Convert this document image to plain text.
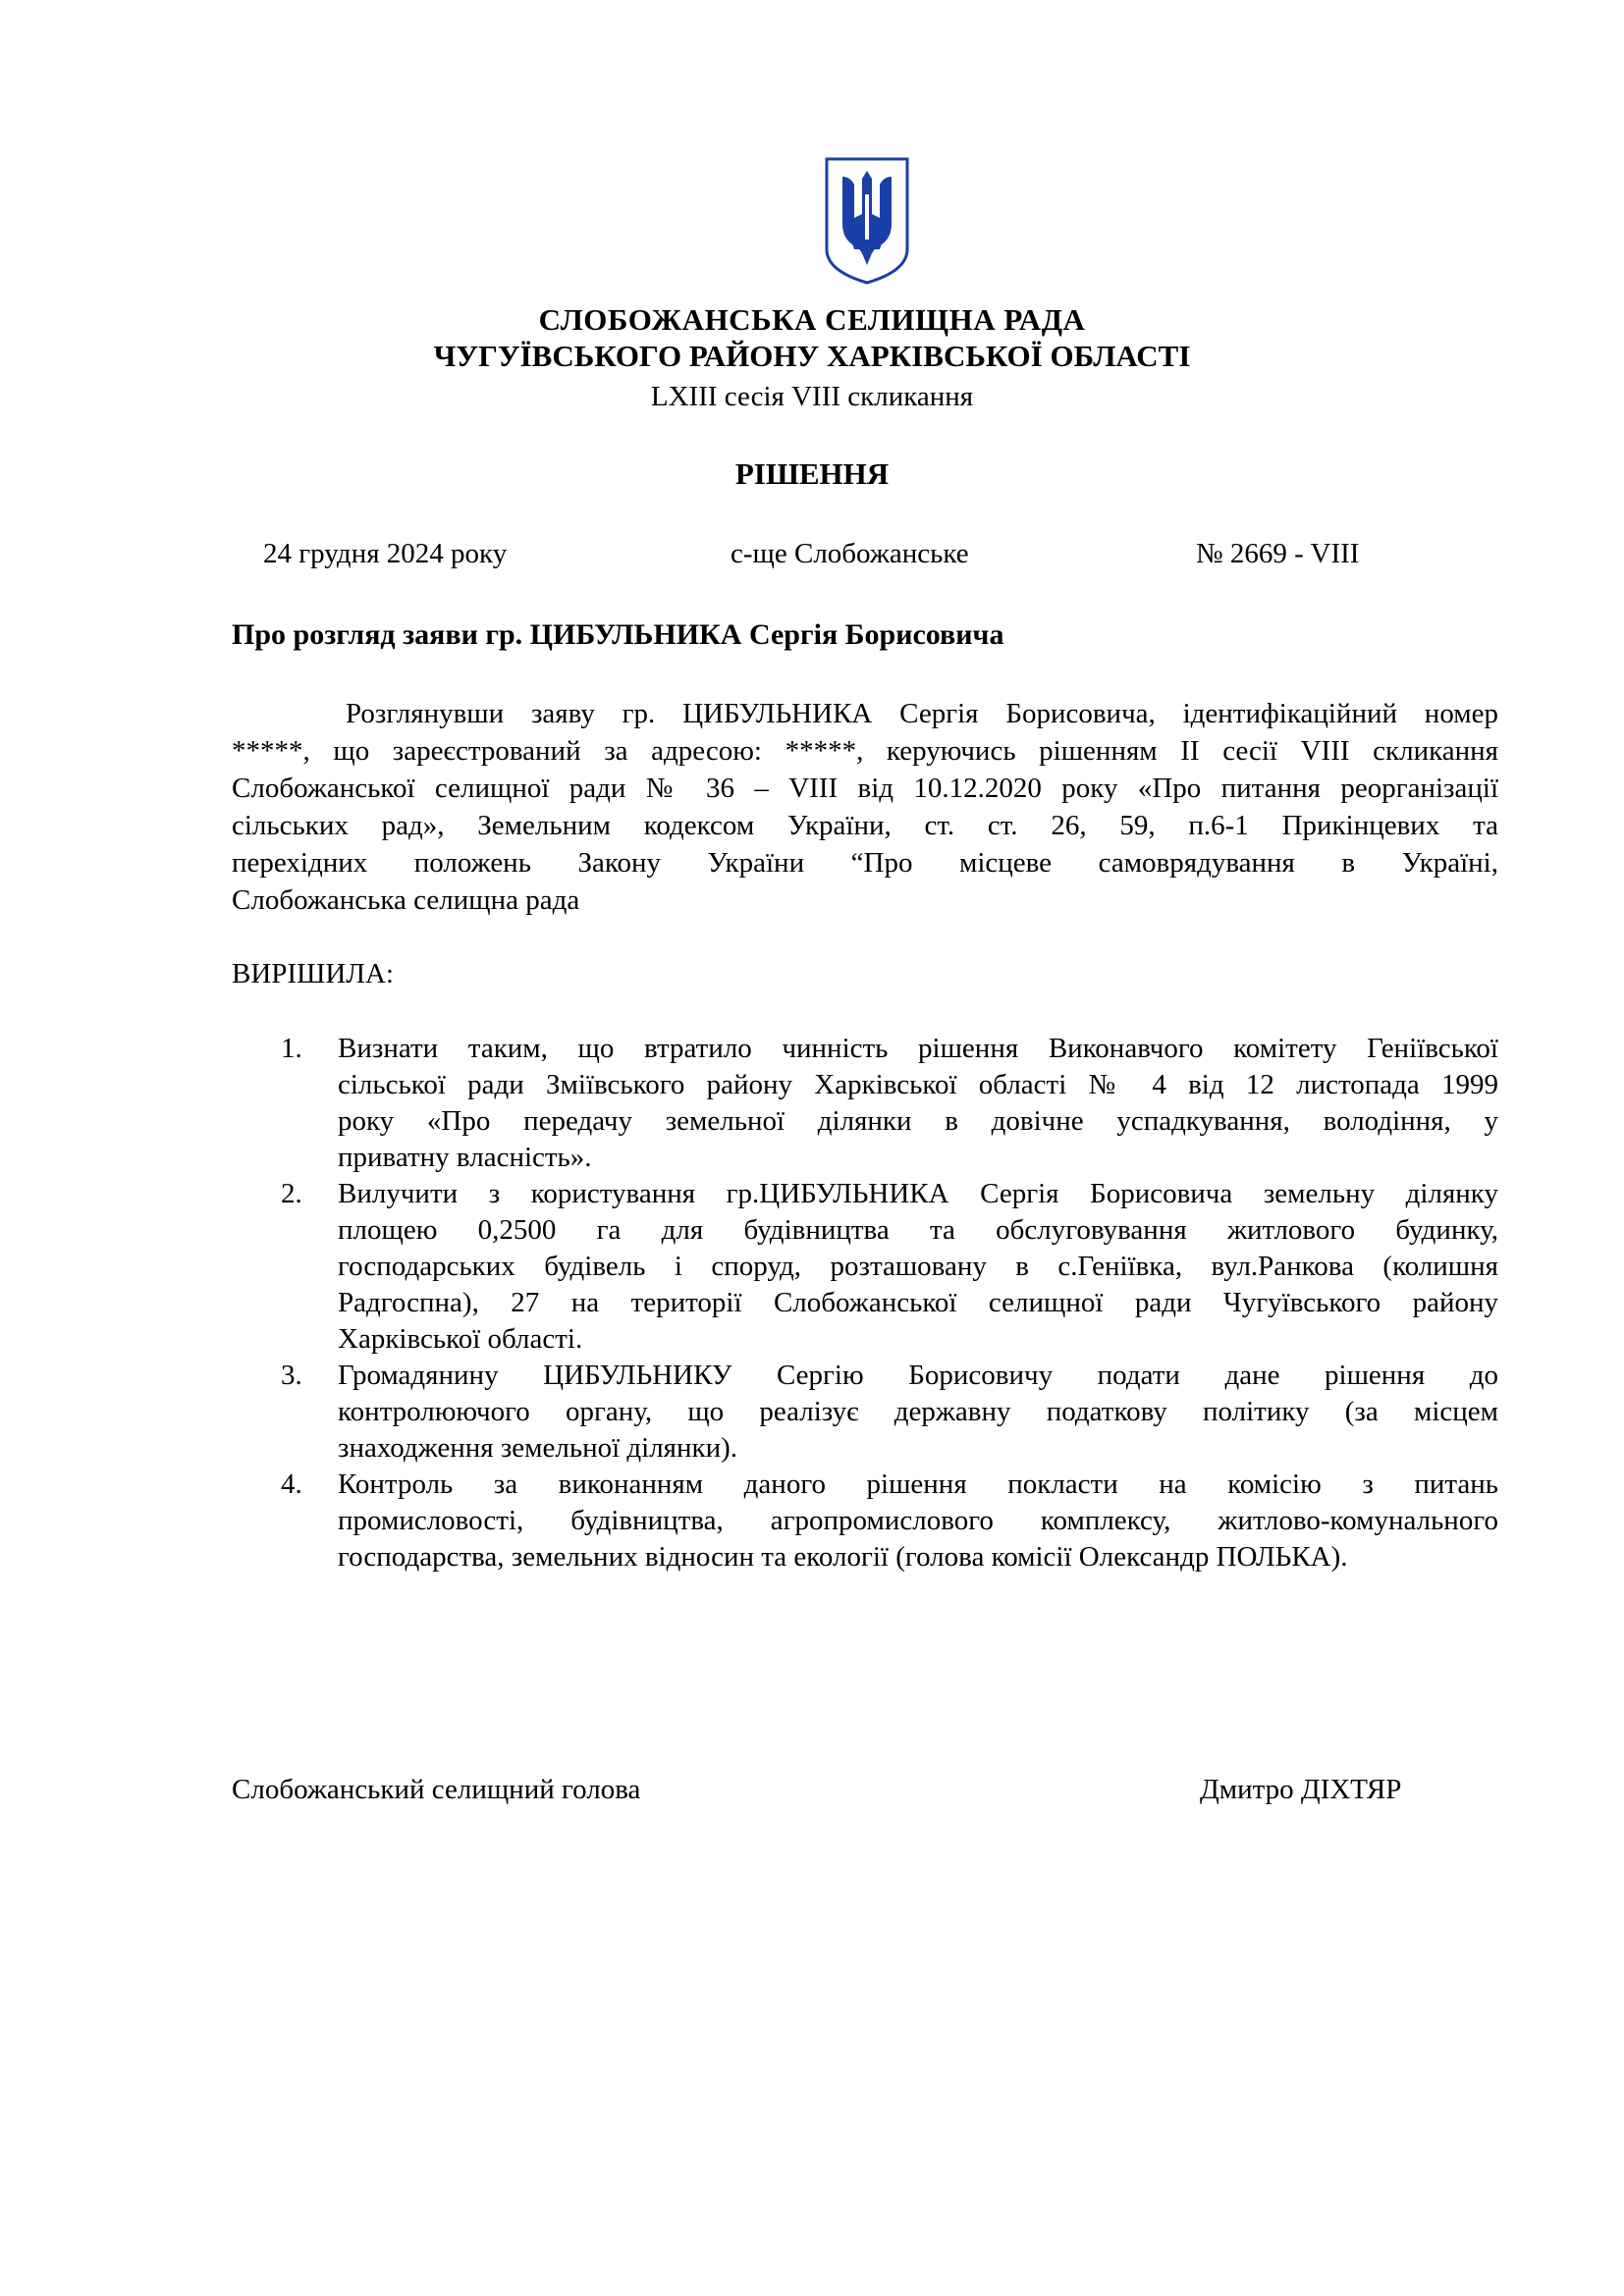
СЛОБОЖАНСЬКА СЕЛИЩНА РАДА
ЧУГУЇВСЬКОГО РАЙОНУ ХАРКІВСЬКОЇ ОБЛАСТІ
LXIII сесія VIII скликання
РІШЕННЯ
24 грудня 2024 року	с-ще Слобожанське	№ 2669 - VIII
Про розгляд заяви гр. ЦИБУЛЬНИКА Сергія Борисовича
Розглянувши заяву гр. ЦИБУЛЬНИКА Сергія Борисовича, ідентифікаційний номер
*****, що зареєстрований за адресою: *****, керуючись рішенням ІІ сесії VIII скликання
Слобожанської селищної ради № 36 – VIII від 10.12.2020 року «Про питання реорганізації
сільських рад», Земельним кодексом України, ст. ст. 26, 59, п.6-1 Прикінцевих та
перехідних положень Закону України “Про місцеве самоврядування в Україні,
Слобожанська селищна рада
ВИРІШИЛА:
1. Визнати таким, що втратило чинність рішення Виконавчого комітету Геніївської
сільської ради Зміївського району Харківської області № 4 від 12 листопада 1999
року «Про передачу земельної ділянки в довічне успадкування, володіння, у
приватну власність».
2. Вилучити з користування гр.ЦИБУЛЬНИКА Сергія Борисовича земельну ділянку
площею 0,2500 га для будівництва та обслуговування житлового будинку,
господарських будівель і споруд, розташовану в с.Геніївка, вул.Ранкова (колишня
Радгоспна), 27 на території Слобожанської селищної ради Чугуївського району
Харківської області.
3. Громадянину ЦИБУЛЬНИКУ Сергію Борисовичу подати дане рішення до
контролюючого органу, що реалізує державну податкову політику (за місцем
знаходження земельної ділянки).
4. Контроль за виконанням даного рішення покласти на комісію з питань
промисловості, будівництва, агропромислового комплексу, житлово-комунального
господарства, земельних відносин та екології (голова комісії Олександр ПОЛЬКА).
Слобожанський селищний голова	Дмитро ДІХТЯР
